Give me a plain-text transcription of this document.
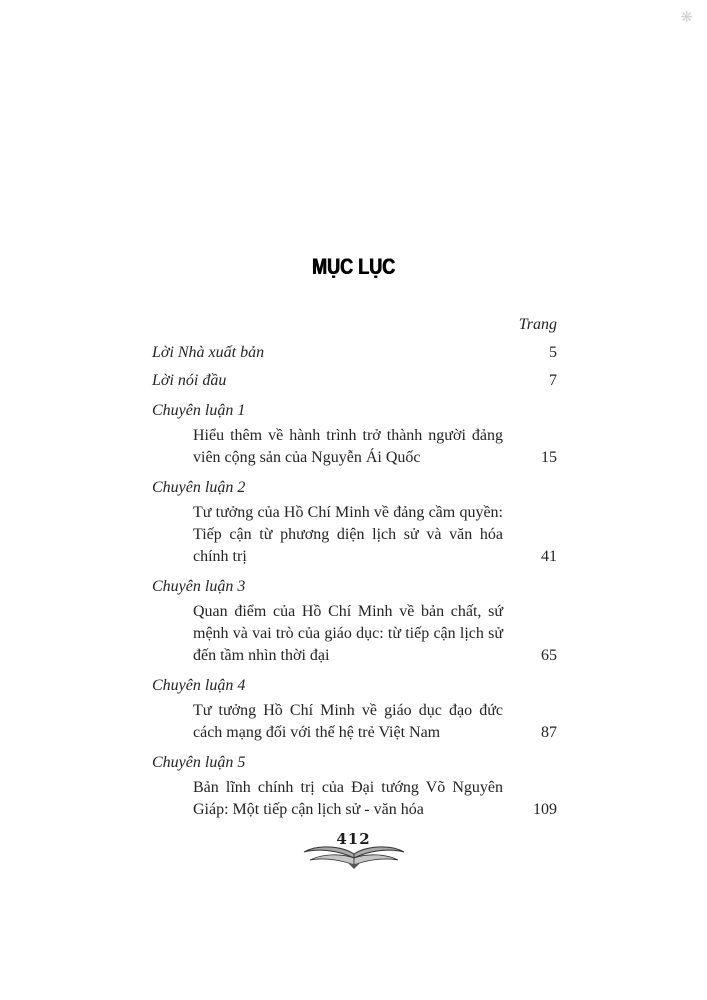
❋
MỤC LỤC
Trang
Lời Nhà xuất bản	5
Lời nói đầu	7
Chuyên luận 1
Hiểu thêm về hành trình trở thành người đảng viên cộng sản của Nguyễn Ái Quốc	15
Chuyên luận 2
Tư tưởng của Hồ Chí Minh về đảng cầm quyền: Tiếp cận từ phương diện lịch sử và văn hóa chính trị	41
Chuyên luận 3
Quan điểm của Hồ Chí Minh về bản chất, sứ mệnh và vai trò của giáo dục: từ tiếp cận lịch sử đến tầm nhìn thời đại	65
Chuyên luận 4
Tư tưởng Hồ Chí Minh về giáo dục đạo đức cách mạng đối với thế hệ trẻ Việt Nam	87
Chuyên luận 5
Bản lĩnh chính trị của Đại tướng Võ Nguyên Giáp: Một tiếp cận lịch sử - văn hóa	109
412
